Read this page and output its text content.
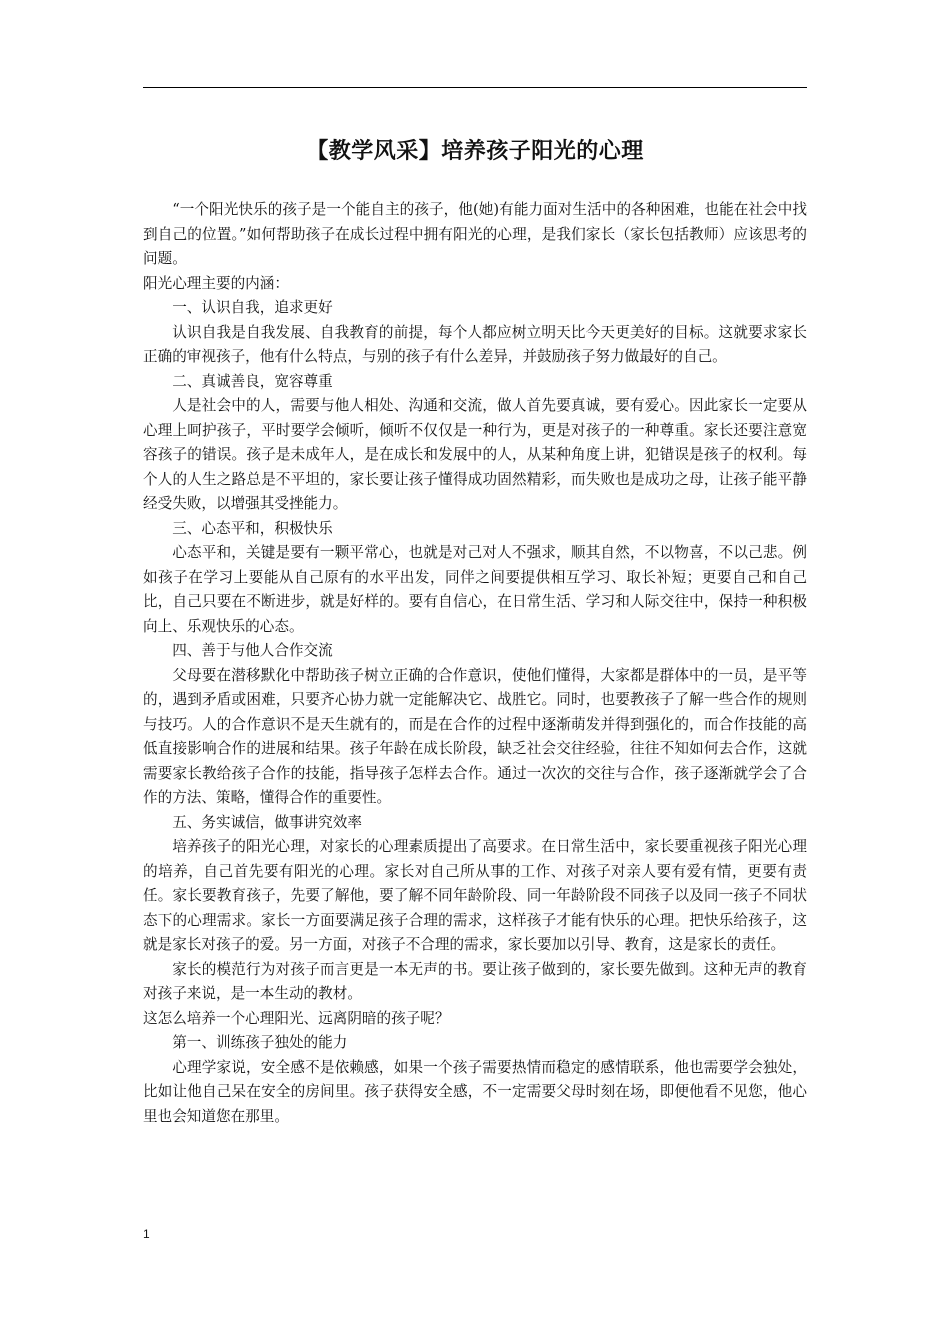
【教学风采】培养孩子阳光的心理

“一个阳光快乐的孩子是一个能自主的孩子，他(她)有能力面对生活中的各种困难，也能在社会中找到自己的位置。”如何帮助孩子在成长过程中拥有阳光的心理，是我们家长（家长包括教师）应该思考的问题。

阳光心理主要的内涵：

一、认识自我，追求更好

认识自我是自我发展、自我教育的前提，每个人都应树立明天比今天更美好的目标。这就要求家长正确的审视孩子，他有什么特点，与别的孩子有什么差异，并鼓励孩子努力做最好的自己。

二、真诚善良，宽容尊重

人是社会中的人，需要与他人相处、沟通和交流，做人首先要真诚，要有爱心。因此家长一定要从心理上呵护孩子，平时要学会倾听，倾听不仅仅是一种行为，更是对孩子的一种尊重。家长还要注意宽容孩子的错误。孩子是未成年人，是在成长和发展中的人，从某种角度上讲，犯错误是孩子的权利。每个人的人生之路总是不平坦的，家长要让孩子懂得成功固然精彩，而失败也是成功之母，让孩子能平静经受失败，以增强其受挫能力。

三、心态平和，积极快乐

心态平和，关键是要有一颗平常心，也就是对己对人不强求，顺其自然，不以物喜，不以己悲。例如孩子在学习上要能从自己原有的水平出发，同伴之间要提供相互学习、取长补短；更要自己和自己比，自己只要在不断进步，就是好样的。要有自信心，在日常生活、学习和人际交往中，保持一种积极向上、乐观快乐的心态。

四、善于与他人合作交流

父母要在潜移默化中帮助孩子树立正确的合作意识，使他们懂得，大家都是群体中的一员，是平等的，遇到矛盾或困难，只要齐心协力就一定能解决它、战胜它。同时，也要教孩子了解一些合作的规则与技巧。人的合作意识不是天生就有的，而是在合作的过程中逐渐萌发并得到强化的，而合作技能的高低直接影响合作的进展和结果。孩子年龄在成长阶段，缺乏社会交往经验，往往不知如何去合作，这就需要家长教给孩子合作的技能，指导孩子怎样去合作。通过一次次的交往与合作，孩子逐渐就学会了合作的方法、策略，懂得合作的重要性。

五、务实诚信，做事讲究效率

培养孩子的阳光心理，对家长的心理素质提出了高要求。在日常生活中，家长要重视孩子阳光心理的培养，自己首先要有阳光的心理。家长对自己所从事的工作、对孩子对亲人要有爱有情，更要有责任。家长要教育孩子，先要了解他，要了解不同年龄阶段、同一年龄阶段不同孩子以及同一孩子不同状态下的心理需求。家长一方面要满足孩子合理的需求，这样孩子才能有快乐的心理。把快乐给孩子，这就是家长对孩子的爱。另一方面，对孩子不合理的需求，家长要加以引导、教育，这是家长的责任。

家长的模范行为对孩子而言更是一本无声的书。要让孩子做到的，家长要先做到。这种无声的教育对孩子来说，是一本生动的教材。

这怎么培养一个心理阳光、远离阴暗的孩子呢？

第一、训练孩子独处的能力

心理学家说，安全感不是依赖感，如果一个孩子需要热情而稳定的感情联系，他也需要学会独处，比如让他自己呆在安全的房间里。孩子获得安全感，不一定需要父母时刻在场，即便他看不见您，他心里也会知道您在那里。

1
